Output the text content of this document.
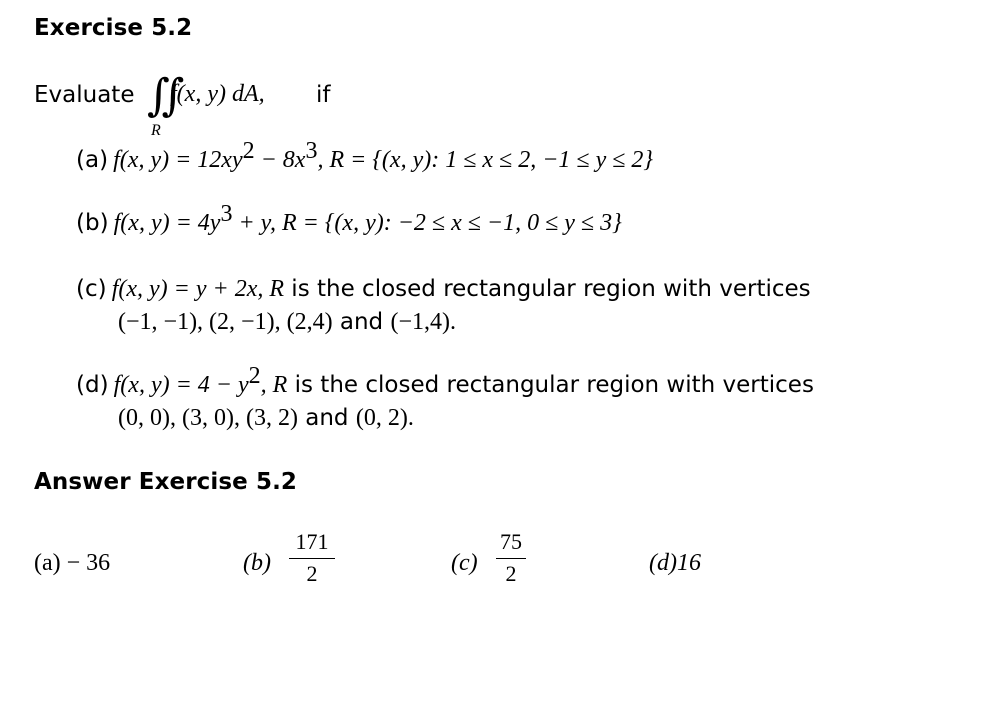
Exercise 5.2
Evaluate ∬
R
f(x, y) dA, if
(a) f(x, $y) = 12xy^2 - 8x^3$, R = {(x, y): 1 ≤ x ≤ 2, −1 ≤ y ≤ 2}
(b) f(x, $y) = 4y^3 + y$, R = {(x, y): −2 ≤ x ≤ −1, 0 ≤ y ≤ 3}
(c) f(x, y) = y + 2x, R is the closed rectangular region with vertices
(−1, −1), (2, −1), (2,4) and (−1,4).
(d) f(x, $y) = 4 - y^2$, R is the closed rectangular region with vertices
(0, 0), (3, 0), (3, 2) and (0, 2).
Answer Exercise 5.2
(a) − 36	(b)
171
2	(c)
75
2	(d)16
